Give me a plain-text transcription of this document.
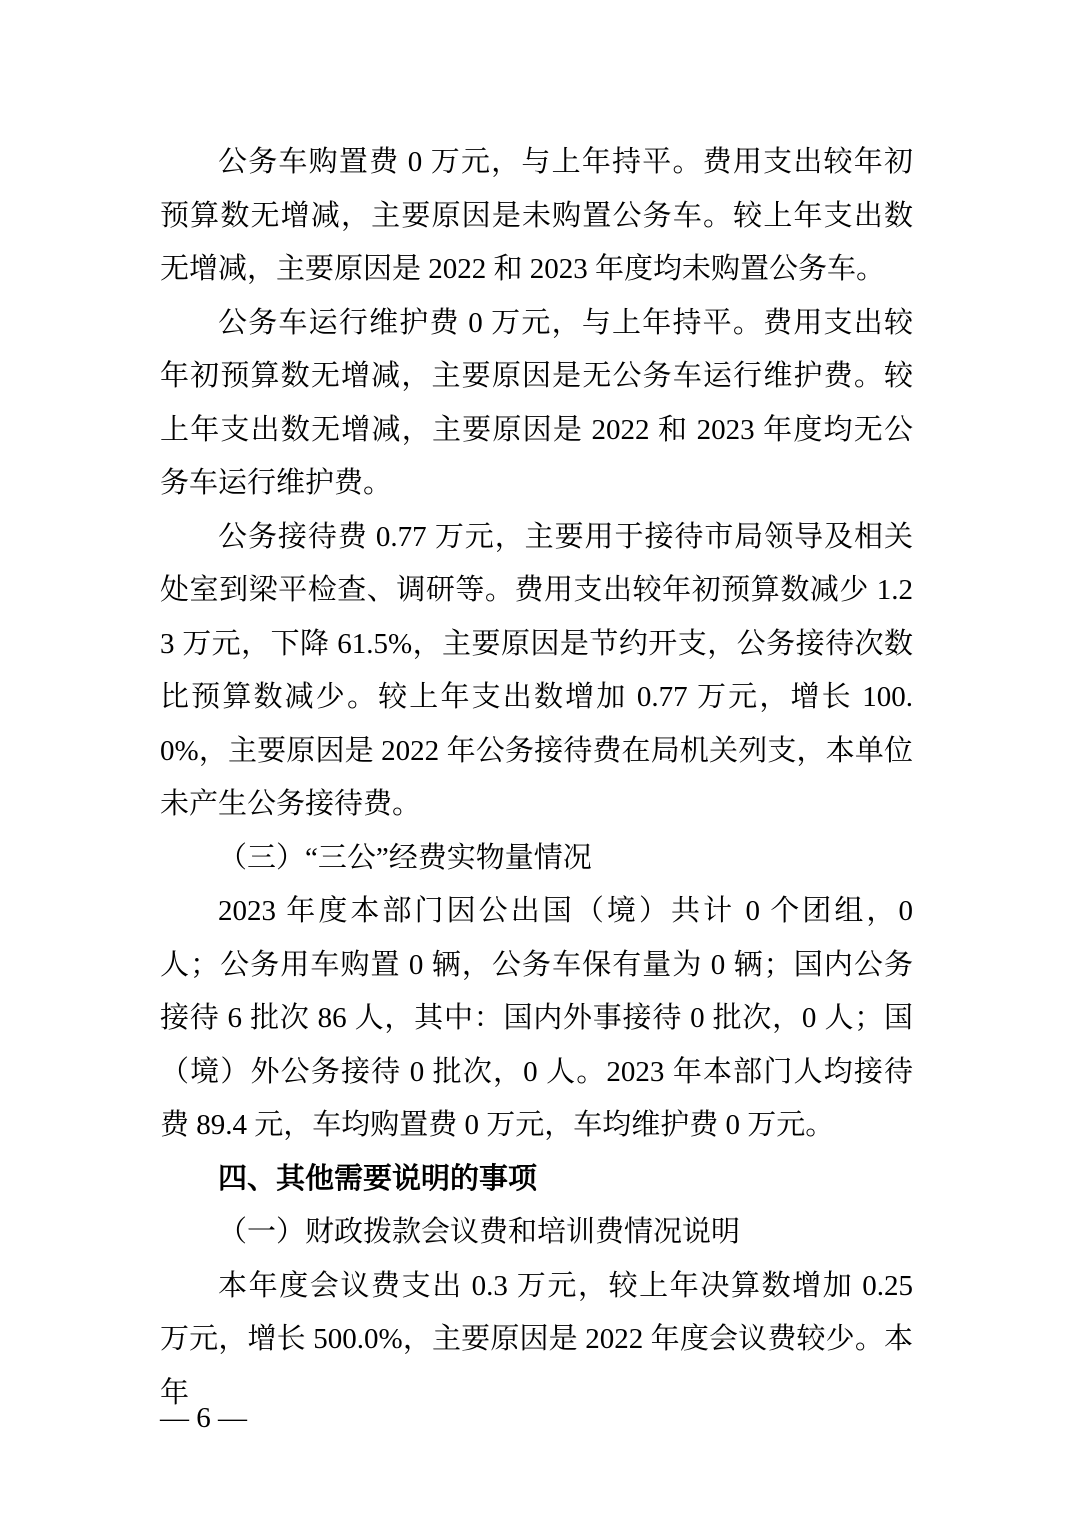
公务车购置费 0 万元，与上年持平。费用支出较年初预算数无增减，主要原因是未购置公务车。较上年支出数无增减，主要原因是 2022 和 2023 年度均未购置公务车。

公务车运行维护费 0 万元，与上年持平。费用支出较年初预算数无增减，主要原因是无公务车运行维护费。较上年支出数无增减，主要原因是 2022 和 2023 年度均无公务车运行维护费。

公务接待费 0.77 万元，主要用于接待市局领导及相关处室到梁平检查、调研等。费用支出较年初预算数减少 1.23 万元，下降 61.5%，主要原因是节约开支，公务接待次数比预算数减少。较上年支出数增加 0.77 万元，增长 100.0%，主要原因是 2022 年公务接待费在局机关列支，本单位未产生公务接待费。

（三）“三公”经费实物量情况

2023 年度本部门因公出国（境）共计 0 个团组，0 人；公务用车购置 0 辆，公务车保有量为 0 辆；国内公务接待 6 批次 86 人，其中：国内外事接待 0 批次，0 人；国（境）外公务接待 0 批次，0 人。2023 年本部门人均接待费 89.4 元，车均购置费 0 万元，车均维护费 0 万元。

四、其他需要说明的事项

（一）财政拨款会议费和培训费情况说明

本年度会议费支出 0.3 万元，较上年决算数增加 0.25 万元，增长 500.0%，主要原因是 2022 年度会议费较少。本年

— 6 —
